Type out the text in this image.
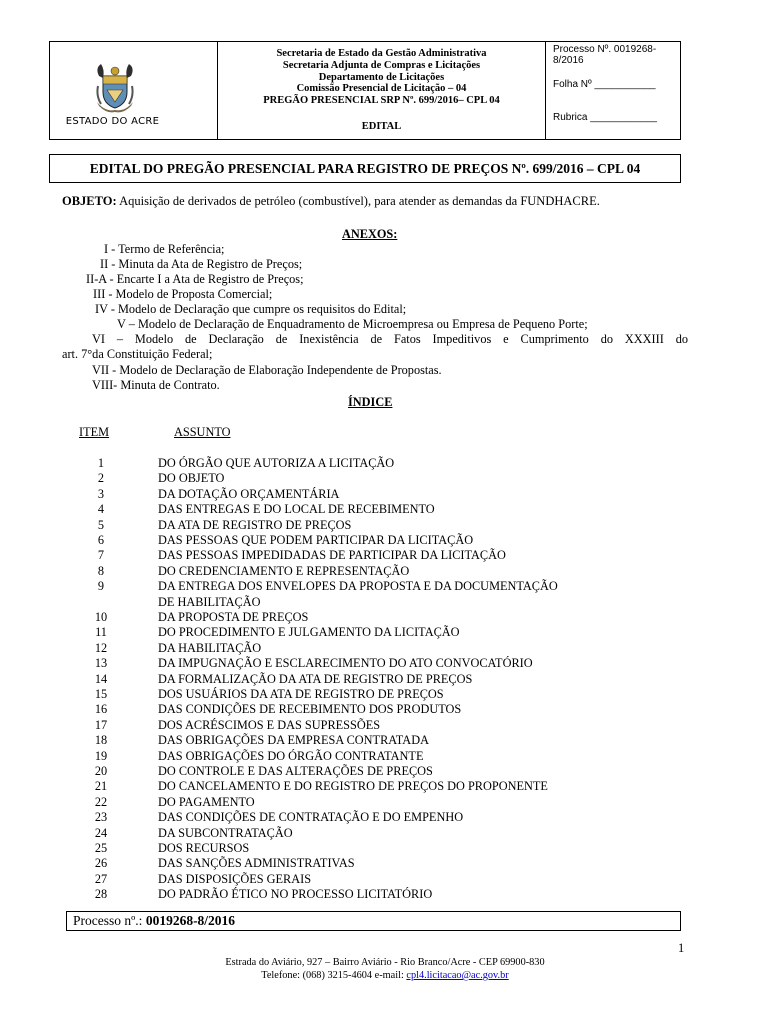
ESTADO DO ACRE
Secretaria de Estado da Gestão Administrativa
Secretaria Adjunta de Compras e Licitações
Departamento de Licitações
Comissão Presencial de Licitação – 04
PREGÃO PRESENCIAL SRP Nº. 699/2016– CPL 04
EDITAL
Processo Nº. 0019268-8/2016
Folha Nº ___________
Rubrica ____________
EDITAL DO PREGÃO PRESENCIAL PARA REGISTRO DE PREÇOS Nº. 699/2016 – CPL 04
OBJETO: Aquisição de derivados de petróleo (combustível), para atender as demandas da FUNDHACRE.
ANEXOS:
I - Termo de Referência;
II - Minuta da Ata de Registro de Preços;
II-A - Encarte I a Ata de Registro de Preços;
III - Modelo de Proposta Comercial;
IV - Modelo de Declaração que cumpre os requisitos do Edital;
V – Modelo de Declaração de Enquadramento de Microempresa ou Empresa de Pequeno Porte;
VI – Modelo de Declaração de Inexistência de Fatos Impeditivos e Cumprimento do XXXIII do
art. 7°da Constituição Federal;
VII - Modelo de Declaração de Elaboração Independente de Propostas.
VIII- Minuta de Contrato.
ÍNDICE
ITEM	ASSUNTO
1	DO ÓRGÃO QUE AUTORIZA A LICITAÇÃO
2	DO OBJETO
3	DA DOTAÇÃO ORÇAMENTÁRIA
4	DAS ENTREGAS E DO LOCAL DE RECEBIMENTO
5	DA ATA DE REGISTRO DE PREÇOS
6	DAS PESSOAS QUE PODEM PARTICIPAR DA LICITAÇÃO
7	DAS PESSOAS IMPEDIDADAS DE PARTICIPAR DA LICITAÇÃO
8	DO CREDENCIAMENTO E REPRESENTAÇÃO
9	DA ENTREGA DOS ENVELOPES DA PROPOSTA E DA DOCUMENTAÇÃO
DE HABILITAÇÃO
10	DA PROPOSTA DE PREÇOS
11	DO PROCEDIMENTO E JULGAMENTO DA LICITAÇÃO
12	DA HABILITAÇÃO
13	DA IMPUGNAÇÃO E ESCLARECIMENTO DO ATO CONVOCATÓRIO
14	DA FORMALIZAÇÃO DA ATA DE REGISTRO DE PREÇOS
15	DOS USUÁRIOS DA ATA DE REGISTRO DE PREÇOS
16	DAS CONDIÇÕES DE RECEBIMENTO DOS PRODUTOS
17	DOS ACRÉSCIMOS E DAS SUPRESSÕES
18	DAS OBRIGAÇÕES DA EMPRESA CONTRATADA
19	DAS OBRIGAÇÕES DO ÓRGÃO CONTRATANTE
20	DO CONTROLE E DAS ALTERAÇÕES DE PREÇOS
21	DO CANCELAMENTO E DO REGISTRO DE PREÇOS DO PROPONENTE
22	DO PAGAMENTO
23	DAS CONDIÇÕES DE CONTRATAÇÃO E DO EMPENHO
24	DA SUBCONTRATAÇÃO
25	DOS RECURSOS
26	DAS SANÇÕES ADMINISTRATIVAS
27	DAS DISPOSIÇÕES GERAIS
28	DO PADRÃO ÉTICO NO PROCESSO LICITATÓRIO
Processo nº.: 0019268-8/2016
1
Estrada do Aviário, 927 – Bairro Aviário - Rio Branco/Acre - CEP 69900-830
Telefone: (068) 3215-4604 e-mail: cpl4.licitacao@ac.gov.br
